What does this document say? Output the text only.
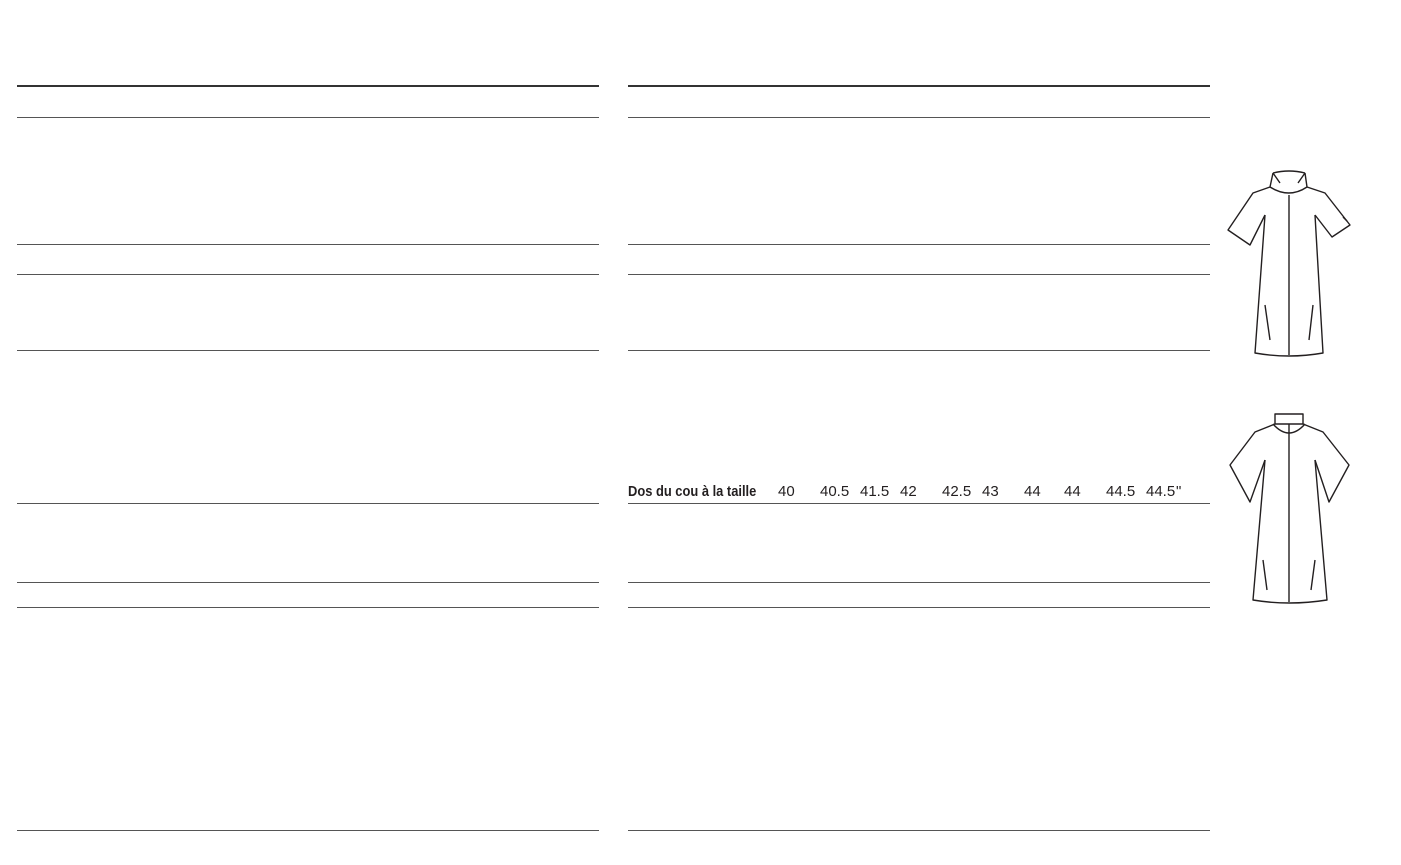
Dos du cou à la taille 40 40.5 41.5 42 42.5 43 44 44 44.5 44.5 "
